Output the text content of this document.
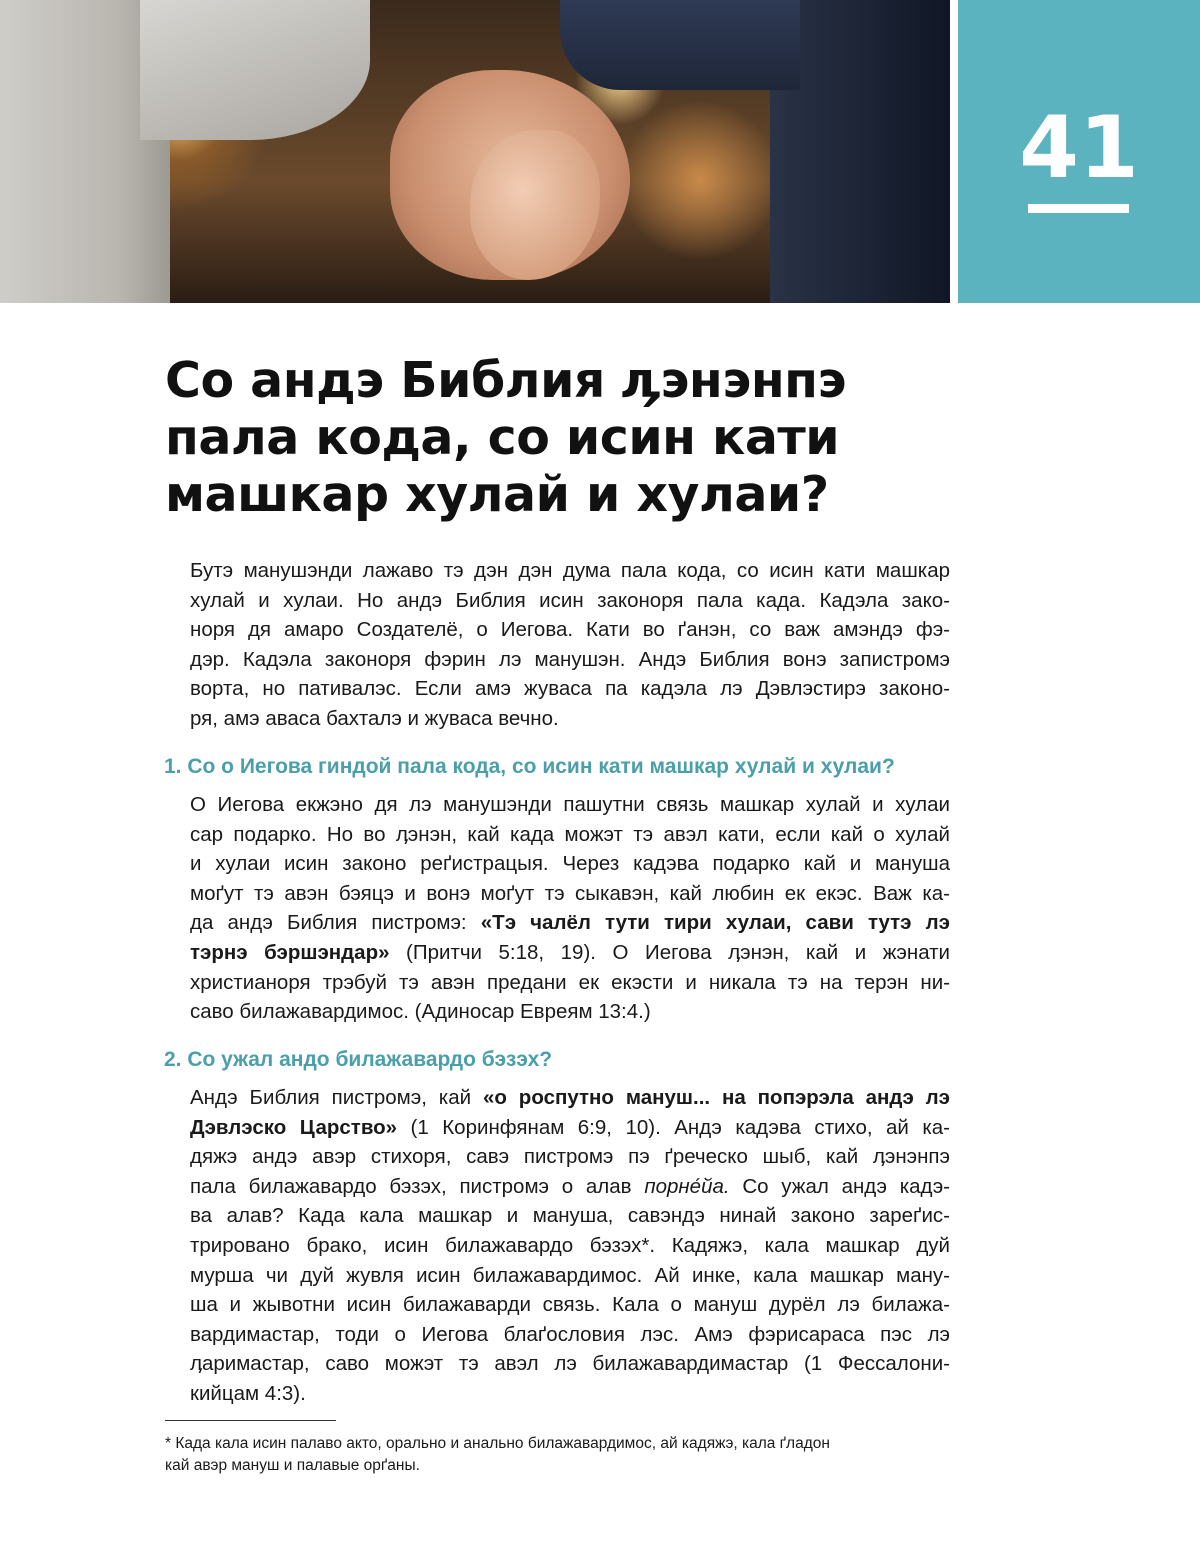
41
Со андэ Библия ӆэнэнпэ
пала кода, со исин кати
машкар хулай и хулаи?
Бутэ манушэнди лажаво тэ дэн дэн дума пала кода, со исин кати машкар
хулай и хулаи. Но андэ Библия исин законоря пала када. Кадэла зако-
норя дя амаро Создателё, о Иегова. Кати во ґанэн, со важ амэндэ фэ-
дэр. Кадэла законоря фэрин лэ манушэн. Андэ Библия вонэ запистромэ
ворта, но пативалэс. Если амэ жуваса па кадэла лэ Дэвлэстирэ законо-
ря, амэ аваса бахталэ и жуваса вечно.
1. Со о Иегова гиндой пала кода, со исин кати машкар хулай и хулаи?
О Иегова екжэно дя лэ манушэнди пашутни связь машкар хулай и хулаи
сар подарко. Но во ӆэнэн, кай када можэт тэ авэл кати, если кай о хулай
и хулаи исин законо реґистрацыя. Через кадэва подарко кай и мануша
моґут тэ авэн бэяцэ и вонэ моґут тэ сыкавэн, кай любин ек екэс. Важ ка-
да андэ Библия пистромэ: «Тэ чалёл тути тири хулаи, сави тутэ лэ
тэрнэ бэршэндар» (Притчи 5:18, 19). О Иегова ӆэнэн, кай и жэнати
христианоря трэбуй тэ авэн предани ек екэсти и никала тэ на терэн ни-
саво билажавардимос. (Адиносар Евреям 13:4.)
2. Со ужал андо билажавардо бэзэх?
Андэ Библия пистромэ, кай «о роспутно мануш... на попэрэла андэ лэ
Дэвлэско Царство» (1 Коринфянам 6:9, 10). Андэ кадэва стихо, ай ка-
дяжэ андэ авэр стихоря, савэ пистромэ пэ ґреческо шыб, кай ӆэнэнпэ
пала билажавардо бэзэх, пистромэ о алав порне́йа. Со ужал андэ кадэ-
ва алав? Када кала машкар и мануша, савэндэ нинай законо зареґис-
трировано брако, исин билажавардо бэзэх*. Кадяжэ, кала машкар дуй
мурша чи дуй жувля исин билажавардимос. Ай инке, кала машкар ману-
ша и жывотни исин билажаварди связь. Кала о мануш дурёл лэ билажа-
вардимастар, тоди о Иегова блаґословия лэс. Амэ фэрисараса пэс лэ
ӆаримастар, саво можэт тэ авэл лэ билажавардимастар (1 Фессалони-
кийцам 4:3).
* Када кала исин палаво акто, орально и анально билажавардимос, ай кадяжэ, кала ґладон
кай авэр мануш и палавые орґаны.
